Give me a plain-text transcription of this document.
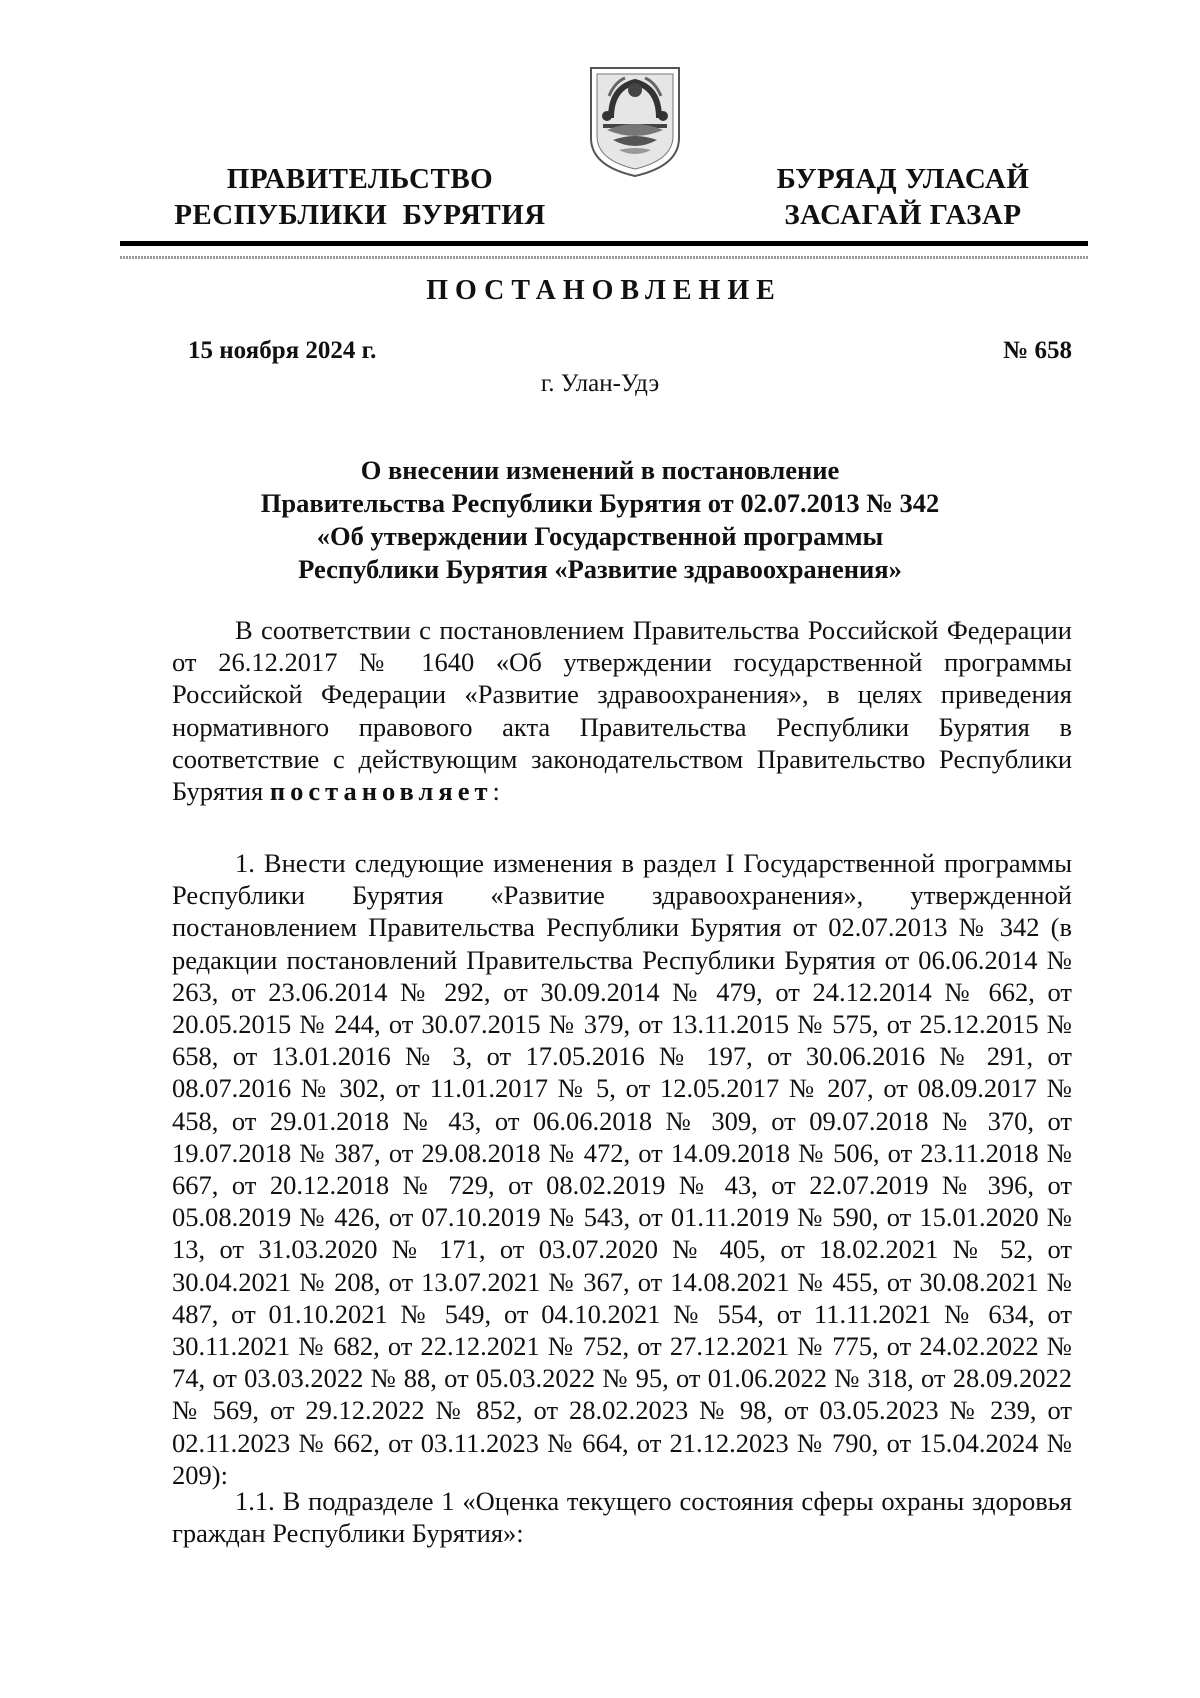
ПРАВИТЕЛЬСТВО
РЕСПУБЛИКИ  БУРЯТИЯ
БУРЯАД УЛАСАЙ
ЗАСАГАЙ ГАЗАР
ПОСТАНОВЛЕНИЕ
15 ноября 2024 г.	№ 658
г. Улан-Удэ
О внесении изменений в постановление
Правительства Республики Бурятия от 02.07.2013 № 342
«Об утверждении Государственной программы
Республики Бурятия «Развитие здравоохранения»
В соответствии с постановлением Правительства Российской Федерации от 26.12.2017 № 1640 «Об утверждении государственной программы Российской Федерации «Развитие здравоохранения», в целях приведения нормативного правового акта Правительства Республики Бурятия в соответствие с действующим законодательством Правительство Республики Бурятия постановляет:
1. Внести следующие изменения в раздел I Государственной программы Республики Бурятия «Развитие здравоохранения», утвержденной постановлением Правительства Республики Бурятия от 02.07.2013 № 342 (в редакции постановлений Правительства Республики Бурятия от 06.06.2014 № 263, от 23.06.2014 № 292, от 30.09.2014 № 479, от 24.12.2014 № 662, от 20.05.2015 № 244, от 30.07.2015 № 379, от 13.11.2015 № 575, от 25.12.2015 № 658, от 13.01.2016 № 3, от 17.05.2016 № 197, от 30.06.2016 № 291, от 08.07.2016 № 302, от 11.01.2017 № 5, от 12.05.2017 № 207, от 08.09.2017 № 458, от 29.01.2018 № 43, от 06.06.2018 № 309, от 09.07.2018 № 370, от 19.07.2018 № 387, от 29.08.2018 № 472, от 14.09.2018 № 506, от 23.11.2018 № 667, от 20.12.2018 № 729, от 08.02.2019 № 43, от 22.07.2019 № 396, от 05.08.2019 № 426, от 07.10.2019 № 543, от 01.11.2019 № 590, от 15.01.2020 № 13, от 31.03.2020 № 171, от 03.07.2020 № 405, от 18.02.2021 № 52, от 30.04.2021 № 208, от 13.07.2021 № 367, от 14.08.2021 № 455, от 30.08.2021 № 487, от 01.10.2021 № 549, от 04.10.2021 № 554, от 11.11.2021 № 634, от 30.11.2021 № 682, от 22.12.2021 № 752, от 27.12.2021 № 775, от 24.02.2022 № 74, от 03.03.2022 № 88, от 05.03.2022 № 95, от 01.06.2022 № 318, от 28.09.2022 № 569, от 29.12.2022 № 852, от 28.02.2023 № 98, от 03.05.2023 № 239, от 02.11.2023 № 662, от 03.11.2023 № 664, от 21.12.2023 № 790, от 15.04.2024 № 209):
1.1. В подразделе 1 «Оценка текущего состояния сферы охраны здоровья граждан Республики Бурятия»:
